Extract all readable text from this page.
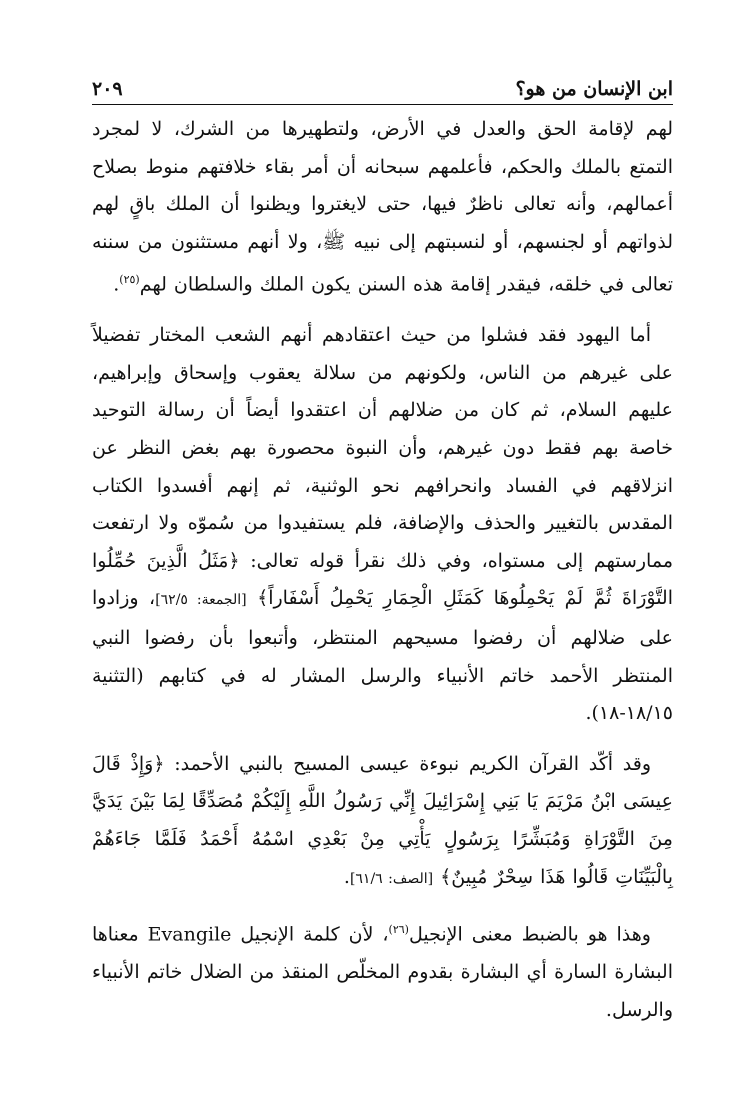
ابن الإنسان من هو؟
٢٠٩

لهم لإقامة الحق والعدل في الأرض، ولتطهيرها من الشرك، لا لمجرد التمتع بالملك والحكم، فأعلمهم سبحانه أن أمر بقاء خلافتهم منوط بصلاح أعمالهم، وأنه تعالى ناظرٌ فيها، حتى لايغتروا ويظنوا أن الملك باقٍ لهم لذواتهم أو لجنسهم، أو لنسبتهم إلى نبيه ﷺ، ولا أنهم مستثنون من سننه تعالى في خلقه، فيقدر إقامة هذه السنن يكون الملك والسلطان لهم$^{(٢٥)}$.

أما اليهود فقد فشلوا من حيث اعتقادهم أنهم الشعب المختار تفضيلاً على غيرهم من الناس، ولكونهم من سلالة يعقوب وإسحاق وإبراهيم، عليهم السلام، ثم كان من ضلالهم أن اعتقدوا أيضاً أن رسالة التوحيد خاصة بهم فقط دون غيرهم، وأن النبوة محصورة بهم بغض النظر عن انزلاقهم في الفساد وانحرافهم نحو الوثنية، ثم إنهم أفسدوا الكتاب المقدس بالتغيير والحذف والإضافة، فلم يستفيدوا من سُموّه ولا ارتفعت ممارستهم إلى مستواه، وفي ذلك نقرأ قوله تعالى: ﴿مَثَلُ الَّذِينَ حُمِّلُوا التَّوْرَاةَ ثُمَّ لَمْ يَحْمِلُوهَا كَمَثَلِ الْحِمَارِ يَحْمِلُ أَسْفَاراً﴾ [الجمعة: ٦٢/٥]، وزادوا على ضلالهم أن رفضوا مسيحهم المنتظر، وأتبعوا بأن رفضوا النبي المنتظر الأحمد خاتم الأنبياء والرسل المشار له في كتابهم (التثنية ١٨/١٥-١٨).

وقد أكّد القرآن الكريم نبوءة عيسى المسيح بالنبي الأحمد: ﴿وَإِذْ قَالَ عِيسَى ابْنُ مَرْيَمَ يَا بَنِي إِسْرَائِيلَ إِنِّي رَسُولُ اللَّهِ إِلَيْكُمْ مُصَدِّقًا لِمَا بَيْنَ يَدَيَّ مِنَ التَّوْرَاةِ وَمُبَشِّرًا بِرَسُولٍ يَأْتِي مِنْ بَعْدِي اسْمُهُ أَحْمَدُ فَلَمَّا جَاءَهُمْ بِالْبَيِّنَاتِ قَالُوا هَذَا سِحْرٌ مُبِينٌ﴾ [الصف: ٦١/٦].

وهذا هو بالضبط معنى الإنجيل$^{(٢٦)}$، لأن كلمة الإنجيل Evangile معناها البشارة السارة أي البشارة بقدوم المخلّص المنقذ من الضلال خاتم الأنبياء والرسل.
